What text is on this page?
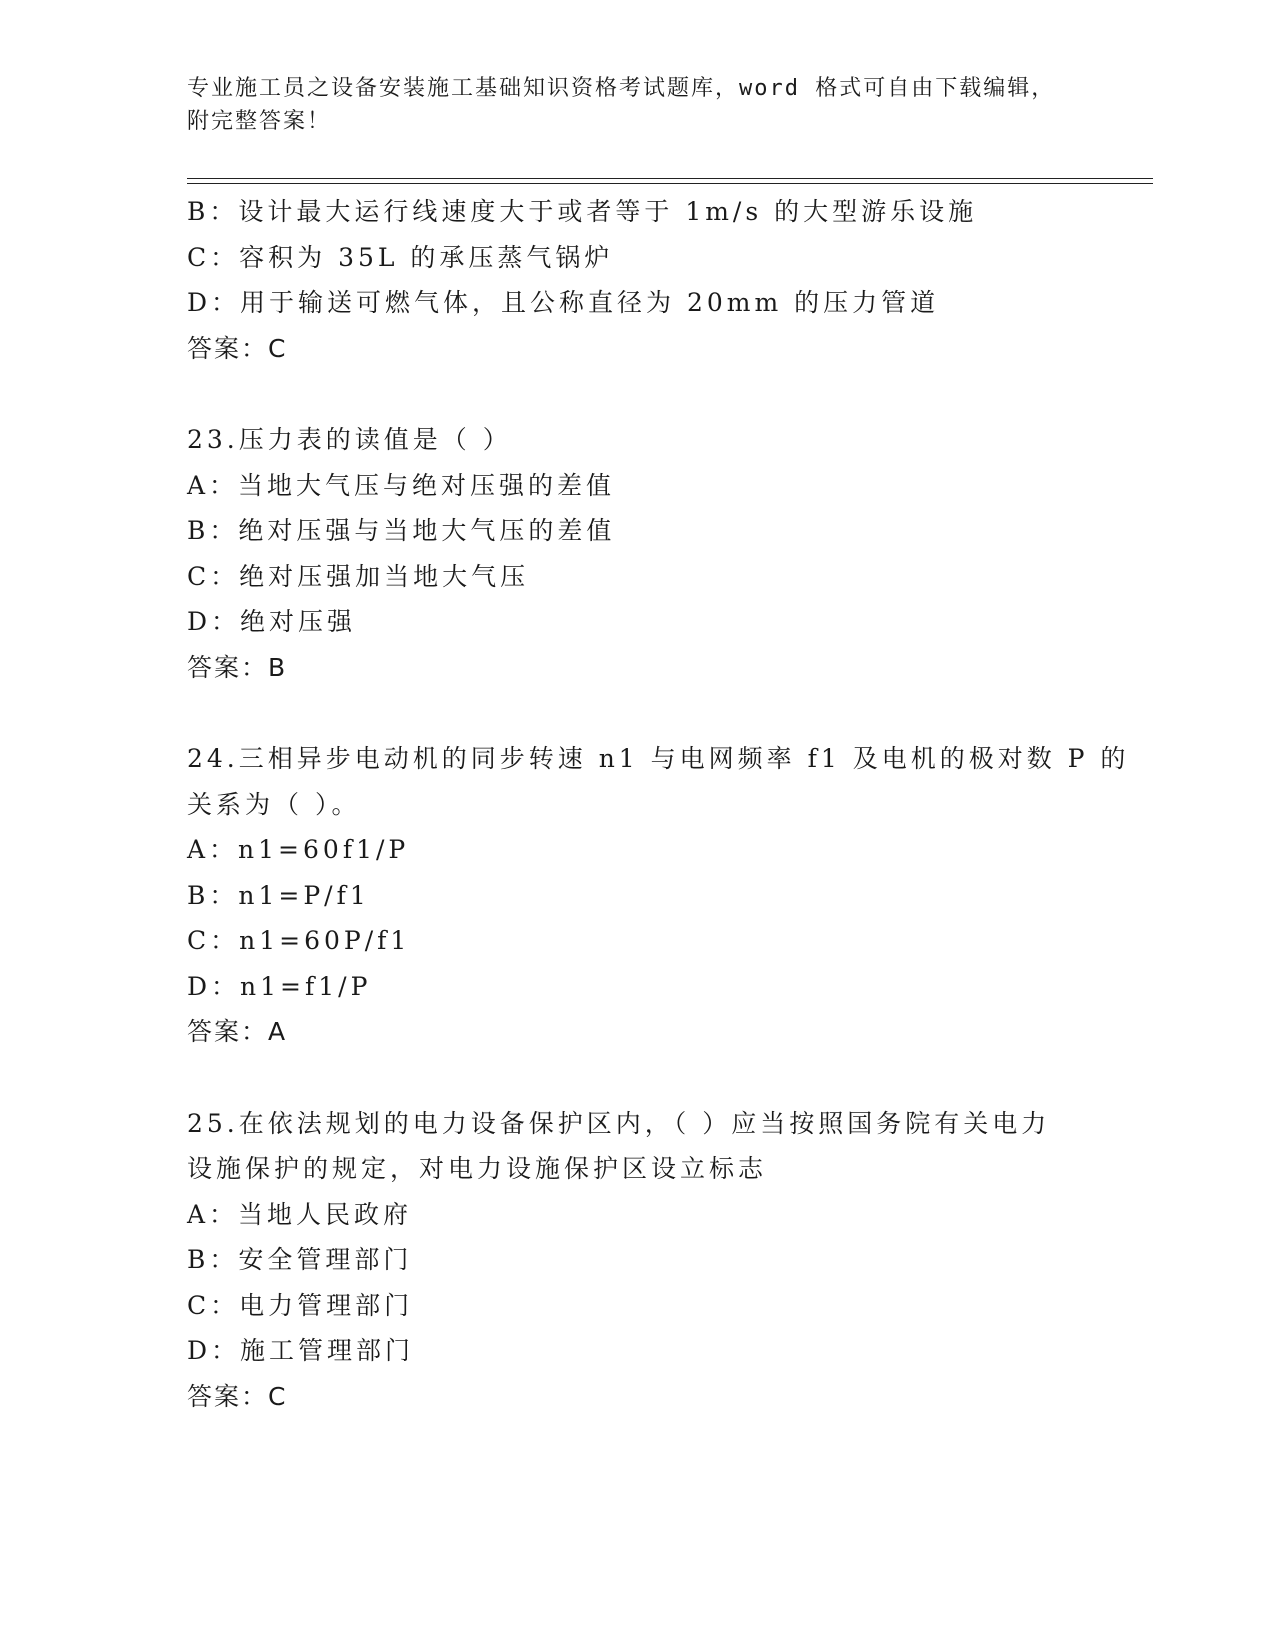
专业施工员之设备安装施工基础知识资格考试题库，word 格式可自由下载编辑，
附完整答案！
B：设计最大运行线速度大于或者等于 1m/s 的大型游乐设施
C：容积为 35L 的承压蒸气锅炉
D：用于输送可燃气体，且公称直径为 20mm 的压力管道
答案：C
23.压力表的读值是（ ）
A：当地大气压与绝对压强的差值
B：绝对压强与当地大气压的差值
C：绝对压强加当地大气压
D：绝对压强
答案：B
24.三相异步电动机的同步转速 n1 与电网频率 f1 及电机的极对数 P 的
关系为（ ）。
A：n1=60f1/P
B：n1=P/f1
C：n1=60P/f1
D：n1=f1/P
答案：A
25.在依法规划的电力设备保护区内，（ ）应当按照国务院有关电力
设施保护的规定，对电力设施保护区设立标志
A：当地人民政府
B：安全管理部门
C：电力管理部门
D：施工管理部门
答案：C
